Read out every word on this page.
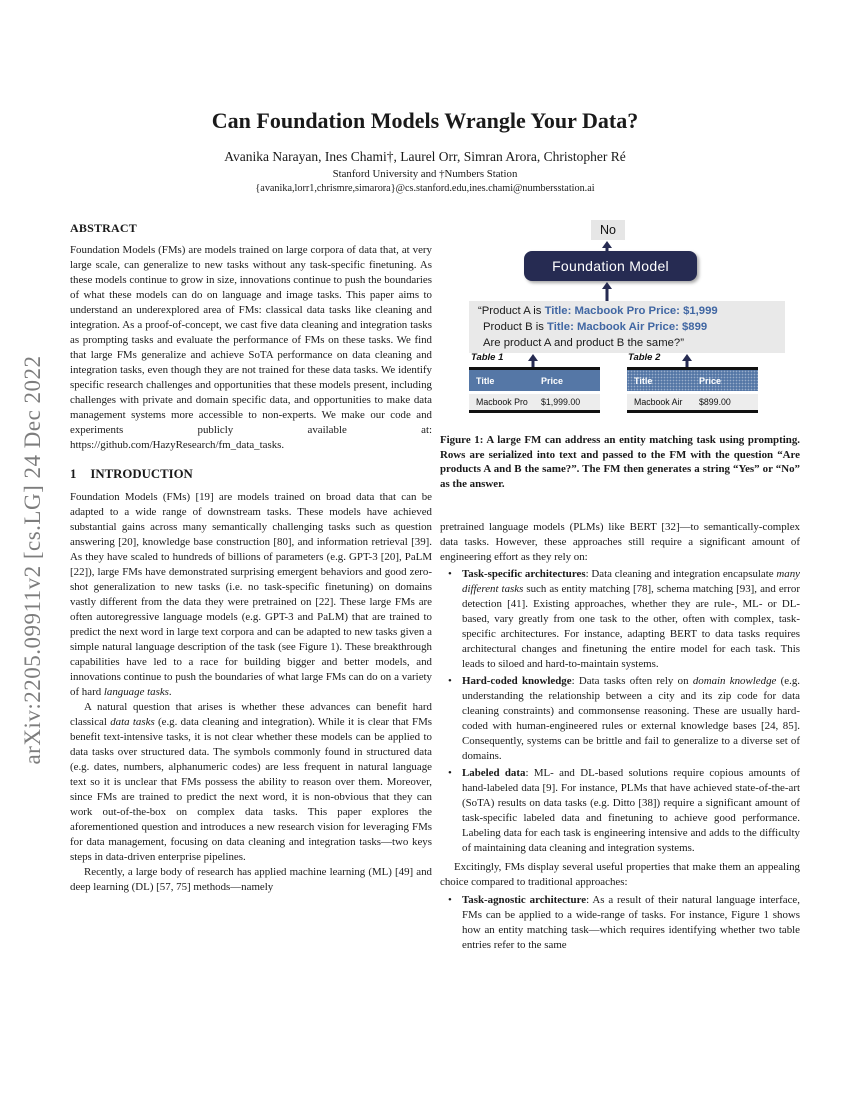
arXiv:2205.09911v2 [cs.LG] 24 Dec 2022
Can Foundation Models Wrangle Your Data?
Avanika Narayan, Ines Chami†, Laurel Orr, Simran Arora, Christopher Ré
Stanford University and †Numbers Station
{avanika,lorr1,chrismre,simarora}@cs.stanford.edu,ines.chami@numbersstation.ai
ABSTRACT

Foundation Models (FMs) are models trained on large corpora of data that, at very large scale, can generalize to new tasks without any task-specific finetuning. As these models continue to grow in size, innovations continue to push the boundaries of what these models can do on language and image tasks. This paper aims to understand an underexplored area of FMs: classical data tasks like cleaning and integration. As a proof-of-concept, we cast five data cleaning and integration tasks as prompting tasks and evaluate the performance of FMs on these tasks. We find that large FMs generalize and achieve SoTA performance on data cleaning and integration tasks, even though they are not trained for these data tasks. We identify specific research challenges and opportunities that these models present, including challenges with private and domain specific data, and opportunities to make data management systems more accessible to non-experts. We make our code and experiments publicly available at: https://github.com/HazyResearch/fm_data_tasks.

1 INTRODUCTION

Foundation Models (FMs) [19] are models trained on broad data that can be adapted to a wide range of downstream tasks. These models have achieved substantial gains across many semantically challenging tasks such as question answering [20], knowledge base construction [80], and information retrieval [39]. As they have scaled to hundreds of billions of parameters (e.g. GPT-3 [20], PaLM [22]), large FMs have demonstrated surprising emergent behaviors and good zero-shot generalization to new tasks (i.e. no task-specific finetuning) on domains vastly different from the data they were pretrained on [22]. These large FMs are often autoregressive language models (e.g. GPT-3 and PaLM) that are trained to predict the next word in large text corpora and can be adapted to new tasks given a simple natural language description of the task (see Figure 1). These breakthrough capabilities have led to a race for building bigger and better models, and innovations continue to push the boundaries of what large FMs can do on a variety of hard language tasks.

A natural question that arises is whether these advances can benefit hard classical data tasks (e.g. data cleaning and integration). While it is clear that FMs benefit text-intensive tasks, it is not clear whether these models can be applied to data tasks over structured data. The symbols commonly found in structured data (e.g. dates, numbers, alphanumeric codes) are less frequent in natural language text so it is unclear that FMs possess the ability to reason over them. Moreover, since FMs are trained to predict the next word, it is non-obvious that they can work out-of-the-box on complex data tasks. This paper explores the aforementioned question and introduces a new research vision for leveraging FMs for data management, focusing on data cleaning and integration tasks—two keys steps in data-driven enterprise pipelines.

Recently, a large body of research has applied machine learning (ML) [49] and deep learning (DL) [57, 75] methods—namely

No
Foundation Model
“Product A is Title: Macbook Pro Price: $1,999
Product B is Title: Macbook Air Price: $899
Are product A and product B the same?”
Table 1	Table 2
Title	Price
Macbook Pro	$1,999.00
Title	Price
Macbook Air	$899.00

Figure 1: A large FM can address an entity matching task using prompting. Rows are serialized into text and passed to the FM with the question “Are products A and B the same?”. The FM then generates a string “Yes” or “No” as the answer.

pretrained language models (PLMs) like BERT [32]—to semantically-complex data tasks. However, these approaches still require a significant amount of engineering effort as they rely on:

• Task-specific architectures: Data cleaning and integration encapsulate many different tasks such as entity matching [78], schema matching [93], and error detection [41]. Existing approaches, whether they are rule-, ML- or DL-based, vary greatly from one task to the other, often with complex, task-specific architectures. For instance, adapting BERT to data tasks requires architectural changes and finetuning the entire model for each task. This leads to siloed and hard-to-maintain systems.
• Hard-coded knowledge: Data tasks often rely on domain knowledge (e.g. understanding the relationship between a city and its zip code for data cleaning constraints) and commonsense reasoning. These are usually hard-coded with human-engineered rules or external knowledge bases [24, 85]. Consequently, systems can be brittle and fail to generalize to a diverse set of domains.
• Labeled data: ML- and DL-based solutions require copious amounts of hand-labeled data [9]. For instance, PLMs that have achieved state-of-the-art (SoTA) results on data tasks (e.g. Ditto [38]) require a significant amount of task-specific labeled data and finetuning to achieve good performance. Labeling data for each task is engineering intensive and adds to the difficulty of maintaining data cleaning and integration systems.

Excitingly, FMs display several useful properties that make them an appealing choice compared to traditional approaches:

• Task-agnostic architecture: As a result of their natural language interface, FMs can be applied to a wide-range of tasks. For instance, Figure 1 shows how an entity matching task—which requires identifying whether two table entries refer to the same
